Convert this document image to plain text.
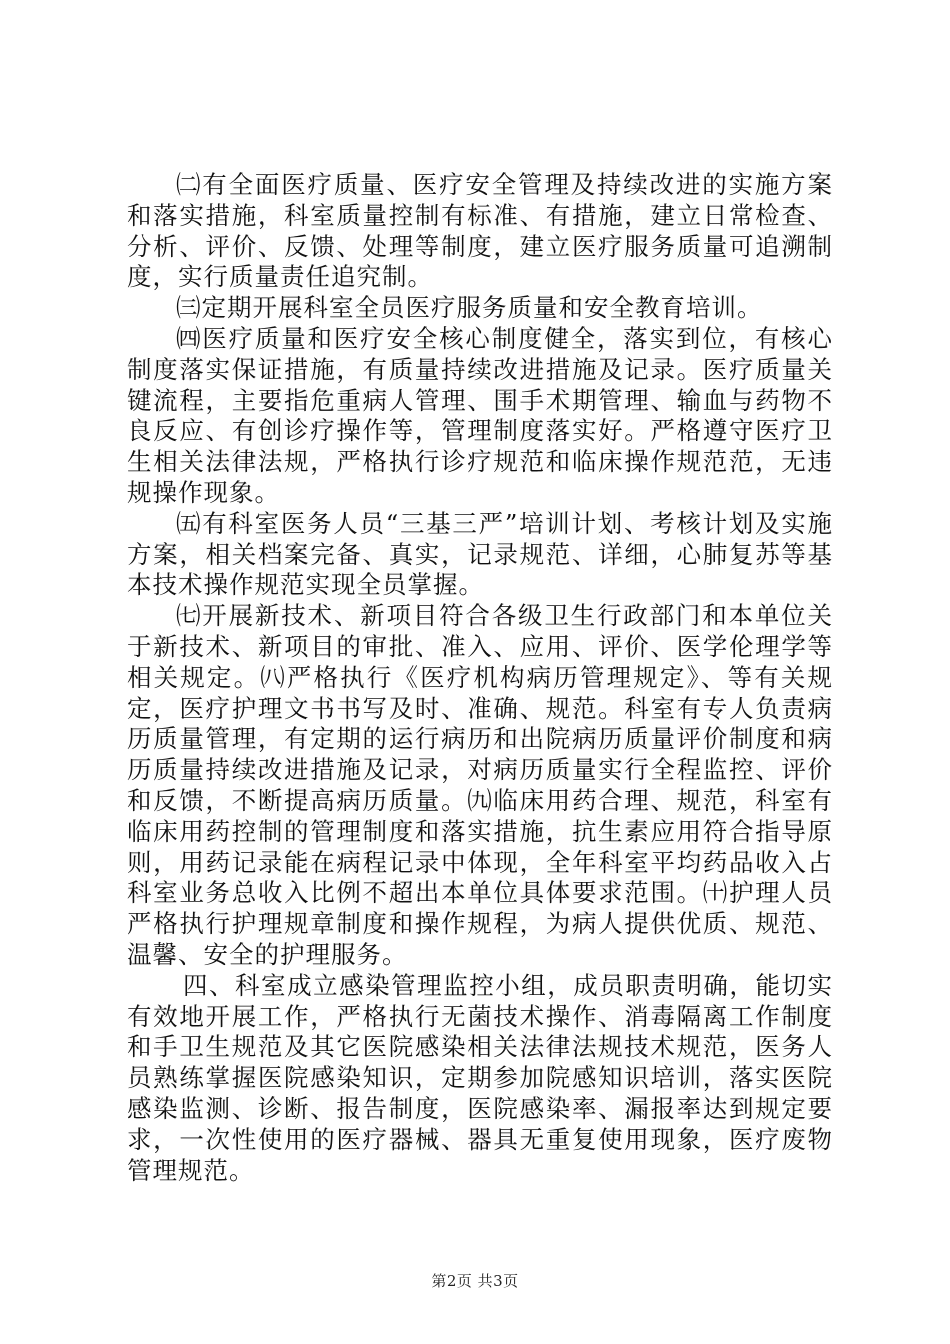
㈡有全面医疗质量、医疗安全管理及持续改进的实施方案和落实措施，科室质量控制有标准、有措施，建立日常检查、分析、评价、反馈、处理等制度，建立医疗服务质量可追溯制度，实行质量责任追究制。

㈢定期开展科室全员医疗服务质量和安全教育培训。

㈣医疗质量和医疗安全核心制度健全，落实到位，有核心制度落实保证措施，有质量持续改进措施及记录。医疗质量关键流程，主要指危重病人管理、围手术期管理、输血与药物不良反应、有创诊疗操作等，管理制度落实好。严格遵守医疗卫生相关法律法规，严格执行诊疗规范和临床操作规范范，无违规操作现象。

㈤有科室医务人员“三基三严”培训计划、考核计划及实施方案，相关档案完备、真实，记录规范、详细，心肺复苏等基本技术操作规范实现全员掌握。

㈦开展新技术、新项目符合各级卫生行政部门和本单位关于新技术、新项目的审批、准入、应用、评价、医学伦理学等相关规定。㈧严格执行《医疗机构病历管理规定》、等有关规定，医疗护理文书书写及时、准确、规范。科室有专人负责病历质量管理，有定期的运行病历和出院病历质量评价制度和病历质量持续改进措施及记录，对病历质量实行全程监控、评价和反馈，不断提高病历质量。㈨临床用药合理、规范，科室有临床用药控制的管理制度和落实措施，抗生素应用符合指导原则，用药记录能在病程记录中体现，全年科室平均药品收入占科室业务总收入比例不超出本单位具体要求范围。㈩护理人员严格执行护理规章制度和操作规程，为病人提供优质、规范、温馨、安全的护理服务。

四、科室成立感染管理监控小组，成员职责明确，能切实有效地开展工作，严格执行无菌技术操作、消毒隔离工作制度和手卫生规范及其它医院感染相关法律法规技术规范，医务人员熟练掌握医院感染知识，定期参加院感知识培训，落实医院感染监测、诊断、报告制度，医院感染率、漏报率达到规定要求，一次性使用的医疗器械、器具无重复使用现象，医疗废物管理规范。

第2页 共3页
